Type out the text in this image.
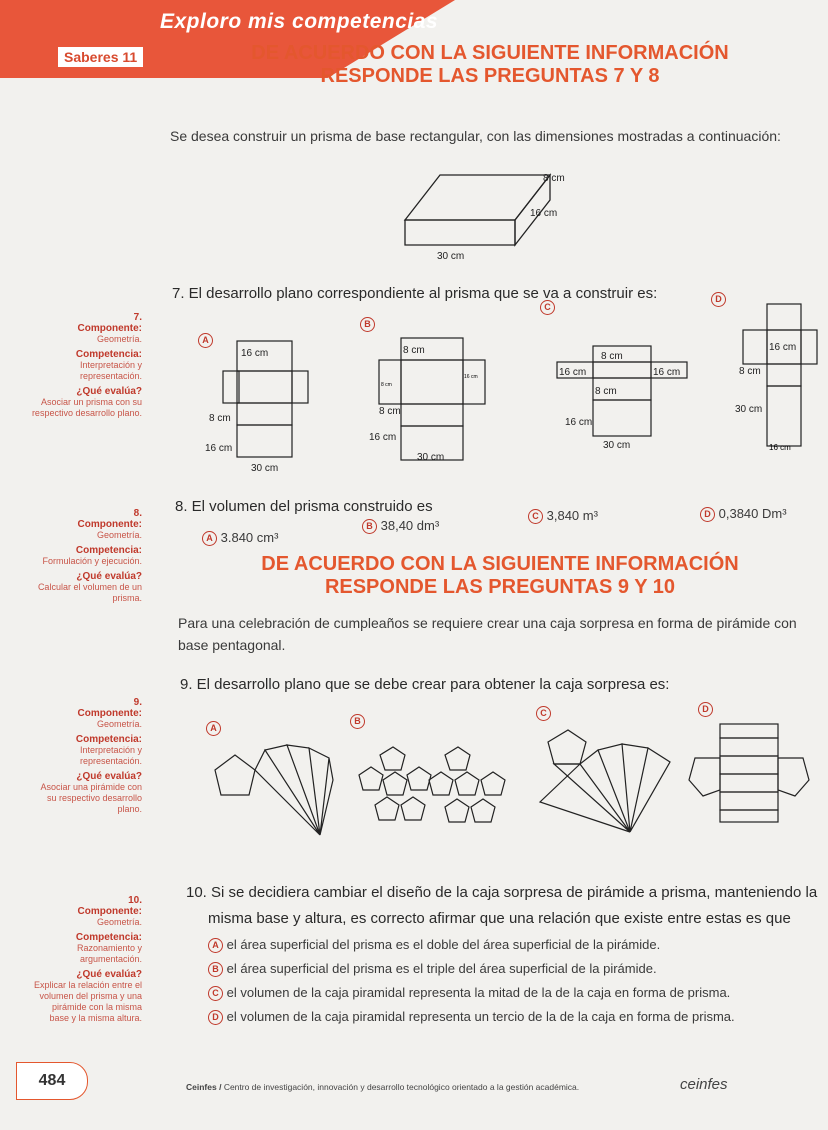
Saberes 11
Exploro mis competencias
DE ACUERDO CON LA SIGUIENTE INFORMACIÓN
RESPONDE LAS PREGUNTAS 7 Y 8
Se desea construir un prisma de base rectangular, con las dimensiones mostradas a continuación:
8 cm
16 cm
30 cm
7.
Componente:
Geometría.
Competencia:
Interpretación y representación.
¿Qué evalúa?
Asociar un prisma con su respectivo desarrollo plano.
7. El desarrollo plano correspondiente al prisma que se va a construir es:
A
B
C
D
16 cm
8 cm
16 cm
30 cm
8 cm
8 cm
16 cm
8 cm
16 cm
30 cm
8 cm
16 cm	16 cm
8 cm
16 cm
30 cm
16 cm
8 cm
30 cm
16 cm
8.
Componente:
Geometría.
Competencia:
Formulación y ejecución.
¿Qué evalúa?
Calcular el volumen de un prisma.
8. El volumen del prisma construido es
A 3.840 cm³
B 38,40 dm³
C 3,840 m³	D 0,3840 Dm³
DE ACUERDO CON LA SIGUIENTE INFORMACIÓN
RESPONDE LAS PREGUNTAS 9 Y 10
Para una celebración de cumpleaños se requiere crear una caja sorpresa en forma de pirámide con
base pentagonal.
9.
Componente:
Geometría.
Competencia:
Interpretación y representación.
¿Qué evalúa?
Asociar una pirámide con su respectivo desarrollo plano.
9. El desarrollo plano que se debe crear para obtener la caja sorpresa es:
A
B
C	D
10.
Componente:
Geometría.
Competencia:
Razonamiento y argumentación.
¿Qué evalúa?
Explicar la relación entre el volumen del prisma y una pirámide con la misma base y la misma altura.
10. Si se decidiera cambiar el diseño de la caja sorpresa de pirámide a prisma, manteniendo la
misma base y altura, es correcto afirmar que una relación que existe entre estas es que
A el área superficial del prisma es el doble del área superficial de la pirámide.
B el área superficial del prisma es el triple del área superficial de la pirámide.
C el volumen de la caja piramidal representa la mitad de la de la caja en forma de prisma.
D el volumen de la caja piramidal representa un tercio de la de la caja en forma de prisma.
484	Ceinfes / Centro de investigación, innovación y desarrollo tecnológico orientado a la gestión académica.	ceinfes
